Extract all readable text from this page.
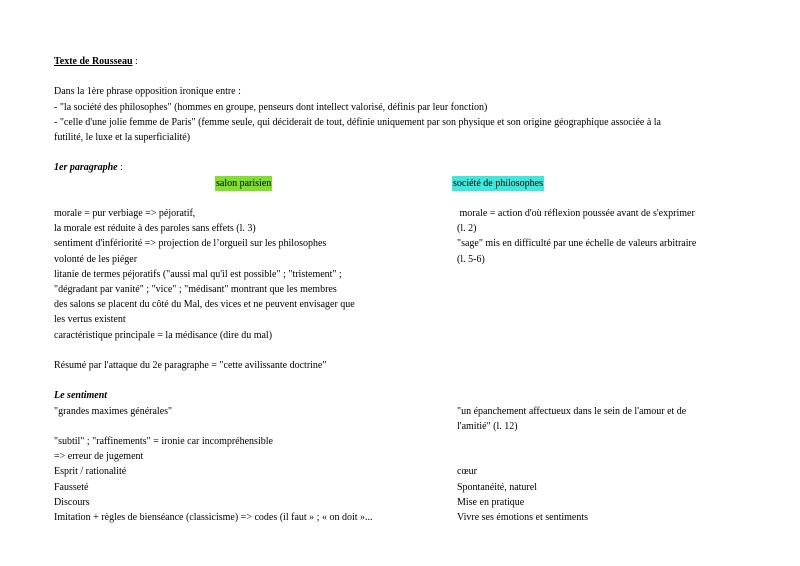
Texte de Rousseau :

Dans la 1ère phrase opposition ironique entre :

- "la société des philosophes" (hommes en groupe, penseurs dont intellect valorisé, définis par leur fonction)

- "celle d'une jolie femme de Paris" (femme seule, qui déciderait de tout, définie uniquement par son physique et son origine géographique associée à la

futilité, le luxe et la superficialité)

1er paragraphe :

salon parisien	société de philosophes

morale = pur verbiage => péjoratif,

la morale est réduite à des paroles sans effets (l. 3)

sentiment d'infériorité => projection de l’orgueil sur les philosophes

volonté de les piéger

litanie de termes péjoratifs ("aussi mal qu'il est possible" ; "tristement" ;

"dégradant par vanité" ; "vice" ; "médisant" montrant que les membres

des salons se placent du côté du Mal, des vices et ne peuvent envisager que

les vertus existent

caractéristique principale = la médisance (dire du mal)

morale = action d'où réflexion poussée avant de s'exprimer

(l. 2)

"sage" mis en difficulté par une échelle de valeurs arbitraire

(l. 5-6)

Résumé par l'attaque du 2e paragraphe = "cette avilissante doctrine"

Le sentiment

"grandes maximes générales"

"subtil" ; "raffinements" = ironie car incompréhensible

=> erreur de jugement

Esprit / rationalité

Fausseté

Discours

Imitation + règles de bienséance (classicisme) => codes (il faut » ; « on doit »...

"un épanchement affectueux dans le sein de l'amour et de

l'amitié" (l. 12)

cœur

Spontanéité, naturel

Mise en pratique

Vivre ses émotions et sentiments
